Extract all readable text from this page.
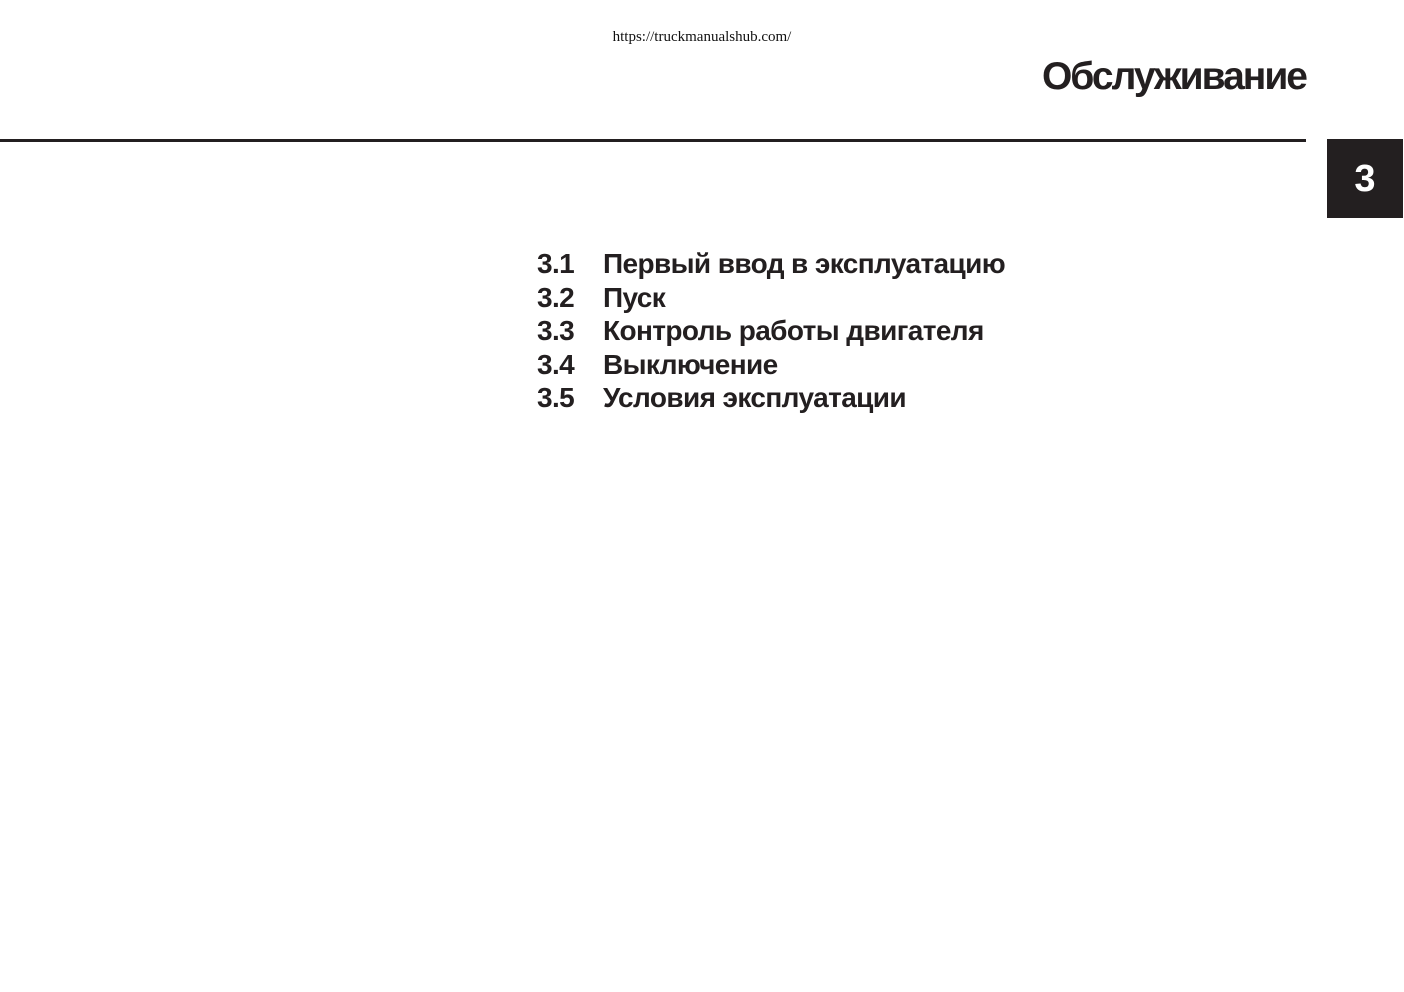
https://truckmanualshub.com/
Обслуживание
3
3.1	Первый ввод в эксплуатацию
3.2	Пуск
3.3	Контроль работы двигателя
3.4	Выключение
3.5	Условия эксплуатации
